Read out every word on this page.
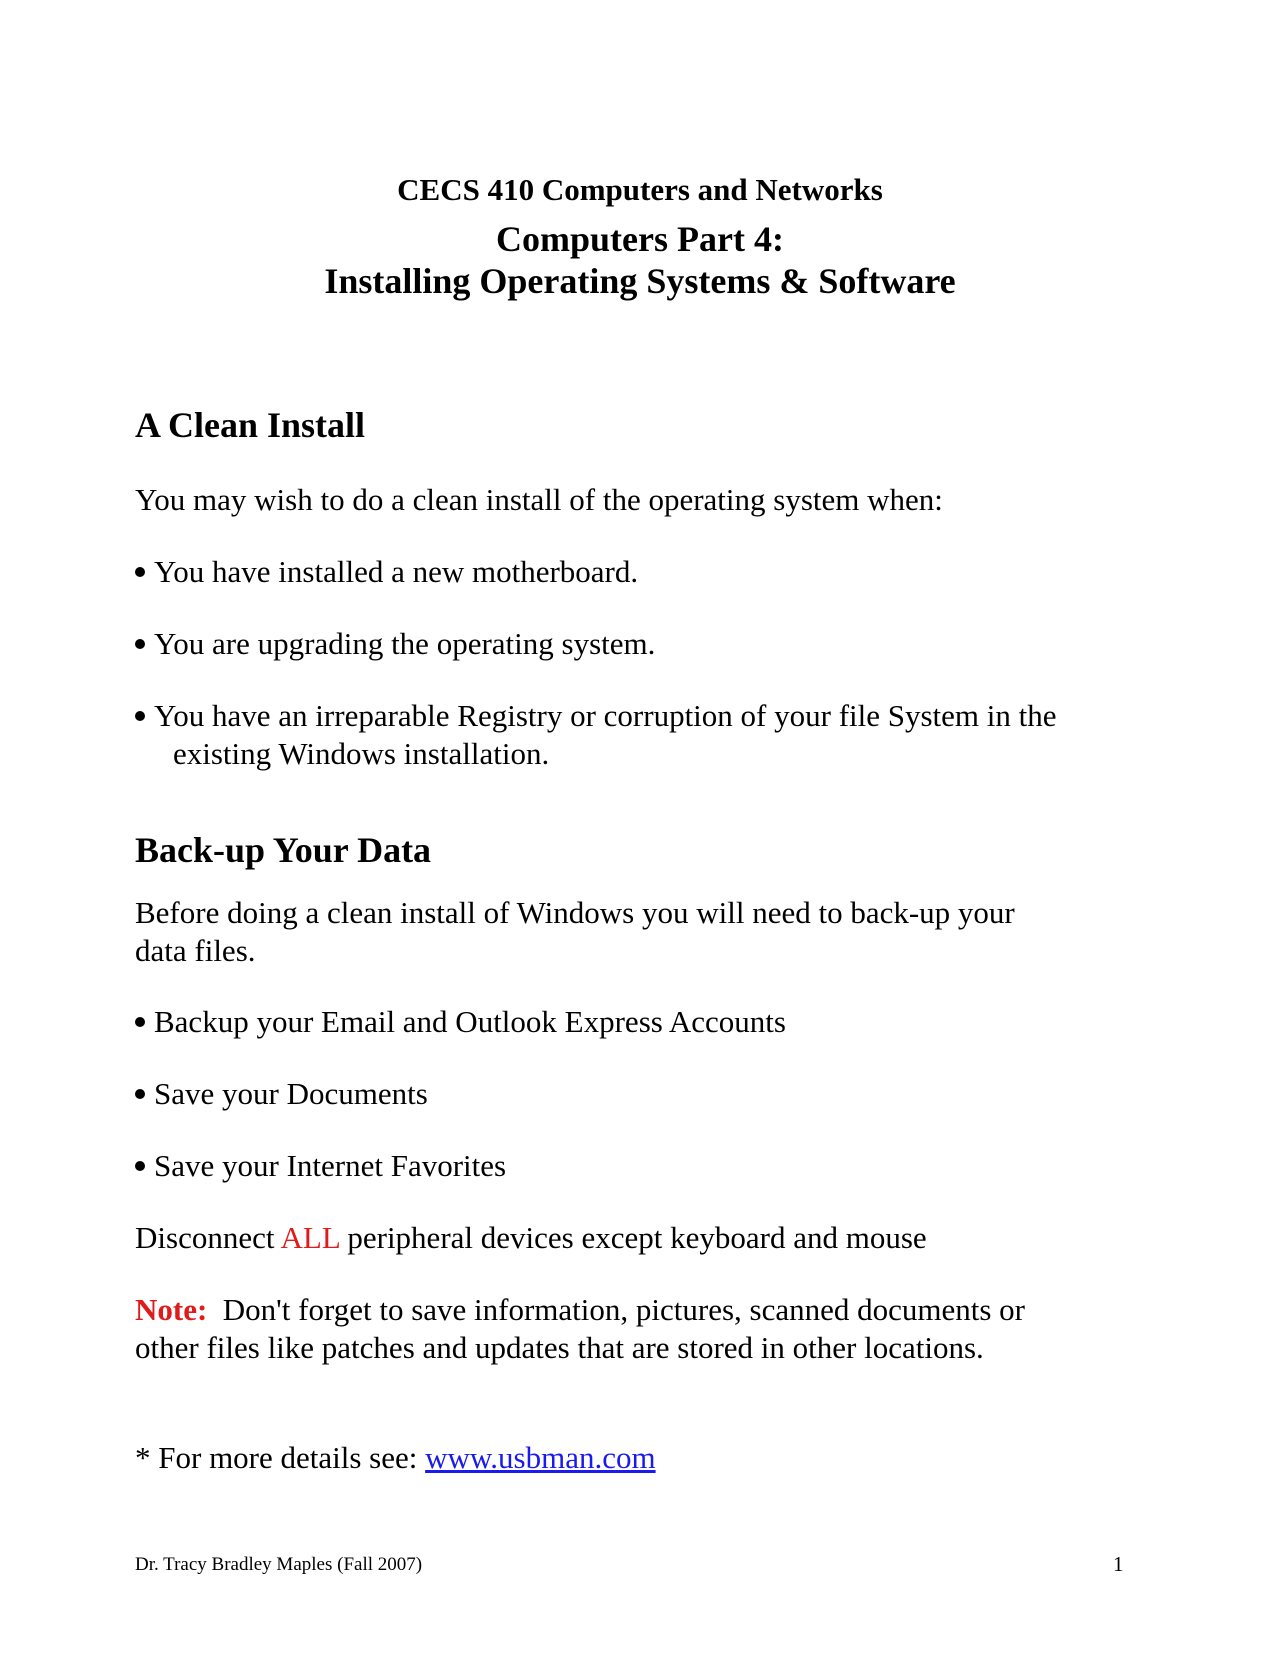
CECS 410 Computers and Networks
Computers Part 4:
Installing Operating Systems & Software
A Clean Install
You may wish to do a clean install of the operating system when:
You have installed a new motherboard.
You are upgrading the operating system.
You have an irreparable Registry or corruption of your file System in the
existing Windows installation.
Back-up Your Data
Before doing a clean install of Windows you will need to back-up your
data files.
Backup your Email and Outlook Express Accounts
Save your Documents
Save your Internet Favorites
Disconnect ALL peripheral devices except keyboard and mouse
Note: Don't forget to save information, pictures, scanned documents or
other files like patches and updates that are stored in other locations.
* For more details see: www.usbman.com
Dr. Tracy Bradley Maples (Fall 2007)	1
